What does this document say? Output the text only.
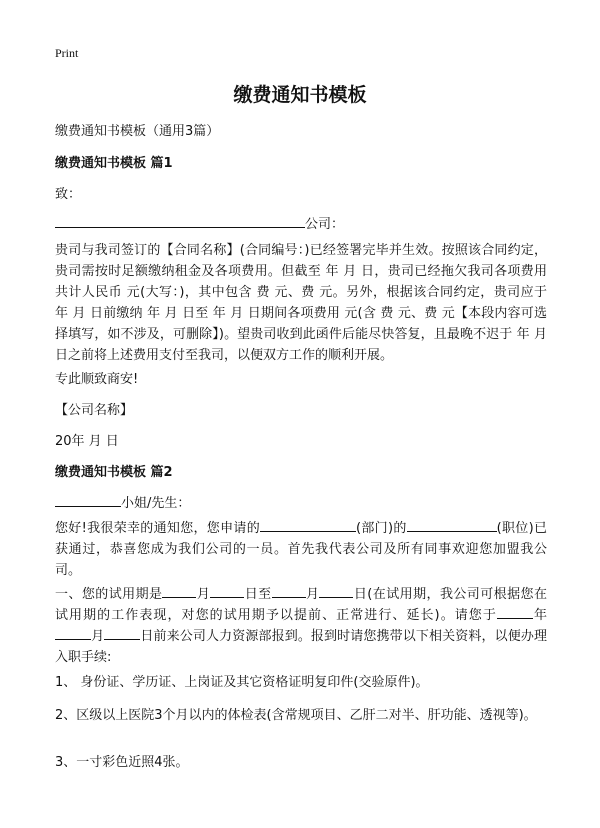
Print
缴费通知书模板
缴费通知书模板（通用3篇）
缴费通知书模板 篇1
致：
公司：
贵司与我司签订的【合同名称】(合同编号：)已经签署完毕并生效。按照该合同约定，贵司需按时足额缴纳租金及各项费用。但截至 年 月 日，贵司已经拖欠我司各项费用共计人民币 元(大写：)，其中包含 费 元、费 元。另外，根据该合同约定，贵司应于 年 月 日前缴纳 年 月 日至 年 月 日期间各项费用 元(含 费 元、费 元【本段内容可选择填写，如不涉及，可删除】)。望贵司收到此函件后能尽快答复，且最晚不迟于 年 月 日之前将上述费用支付至我司，以便双方工作的顺利开展。
专此顺致商安!
【公司名称】
20年 月 日
缴费通知书模板 篇2
小姐/先生：
您好!我很荣幸的通知您，您申请的	(部门)的	(职位)已获通过，恭喜您成为我们公司的一员。首先我代表公司及所有同事欢迎您加盟我公司。
一、您的试用期是	月	日至	月	日(在试用期，我公司可根据您在试用期的工作表现，对您的试用期予以提前、正常进行、延长)。请您于	年月	日前来公司人力资源部报到。报到时请您携带以下相关资料，以便办理入职手续:
1、 身份证、学历证、上岗证及其它资格证明复印件(交验原件)。
2、区级以上医院3个月以内的体检表(含常规项目、乙肝二对半、肝功能、透视等)。
3、一寸彩色近照4张。
